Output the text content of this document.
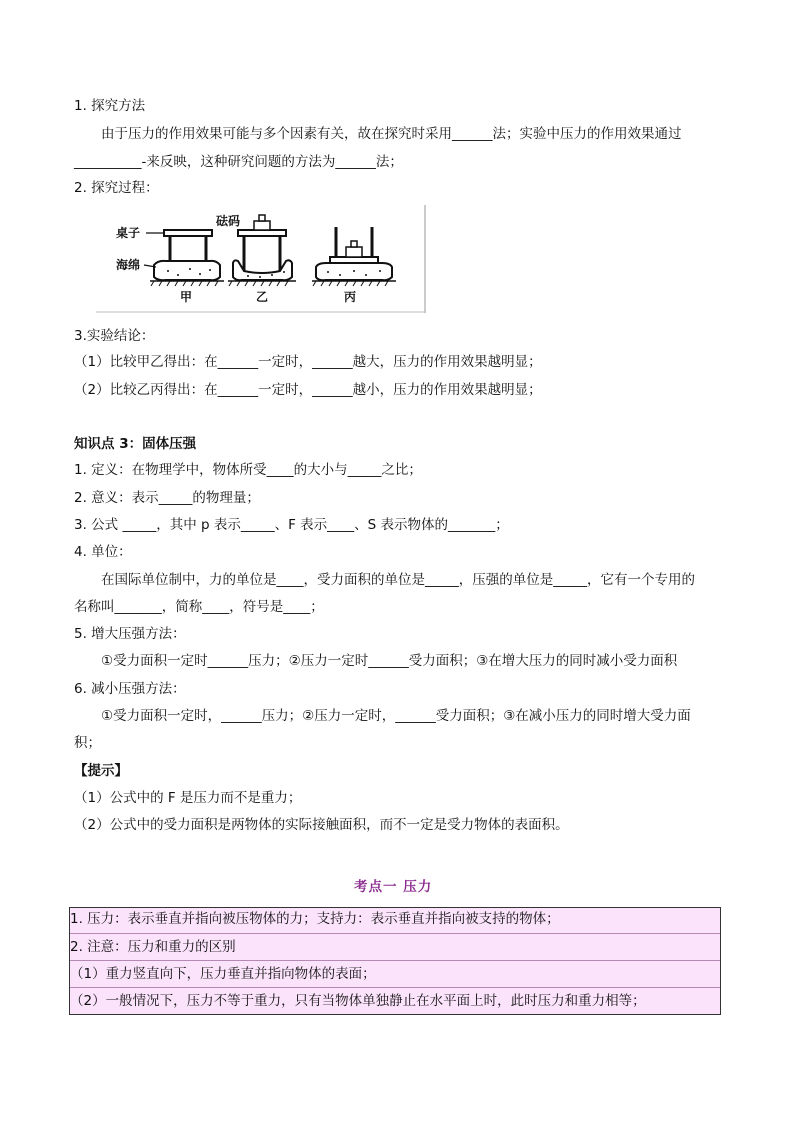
1. 探究方法
由于压力的作用效果可能与多个因素有关，故在探究时采用______法；实验中压力的作用效果通过
__________-来反映，这种研究问题的方法为______法；
2. 探究过程：
桌子
砝码
海绵
甲	乙	丙
3.实验结论：
（1）比较甲乙得出：在______一定时，______越大，压力的作用效果越明显；
（2）比较乙丙得出：在______一定时，______越小，压力的作用效果越明显；
知识点 3：固体压强
1. 定义：在物理学中，物体所受____的大小与_____之比；
2. 意义：表示_____的物理量；
3. 公式 _____，其中 p 表示_____、F 表示____、S 表示物体的_______；
4. 单位：
在国际单位制中，力的单位是____，受力面积的单位是_____，压强的单位是_____，它有一个专用的
名称叫_______，简称____，符号是____；
5. 增大压强方法：
①受力面积一定时______压力；②压力一定时______受力面积；③在增大压力的同时减小受力面积
6. 减小压强方法：
①受力面积一定时，______压力；②压力一定时，______受力面积；③在减小压力的同时增大受力面
积；
【提示】
（1）公式中的 F 是压力而不是重力；
（2）公式中的受力面积是两物体的实际接触面积，而不一定是受力物体的表面积。
考点一 压力
1. 压力：表示垂直并指向被压物体的力；支持力：表示垂直并指向被支持的物体；
2. 注意：压力和重力的区别
（1）重力竖直向下，压力垂直并指向物体的表面；
（2）一般情况下，压力不等于重力，只有当物体单独静止在水平面上时，此时压力和重力相等；
